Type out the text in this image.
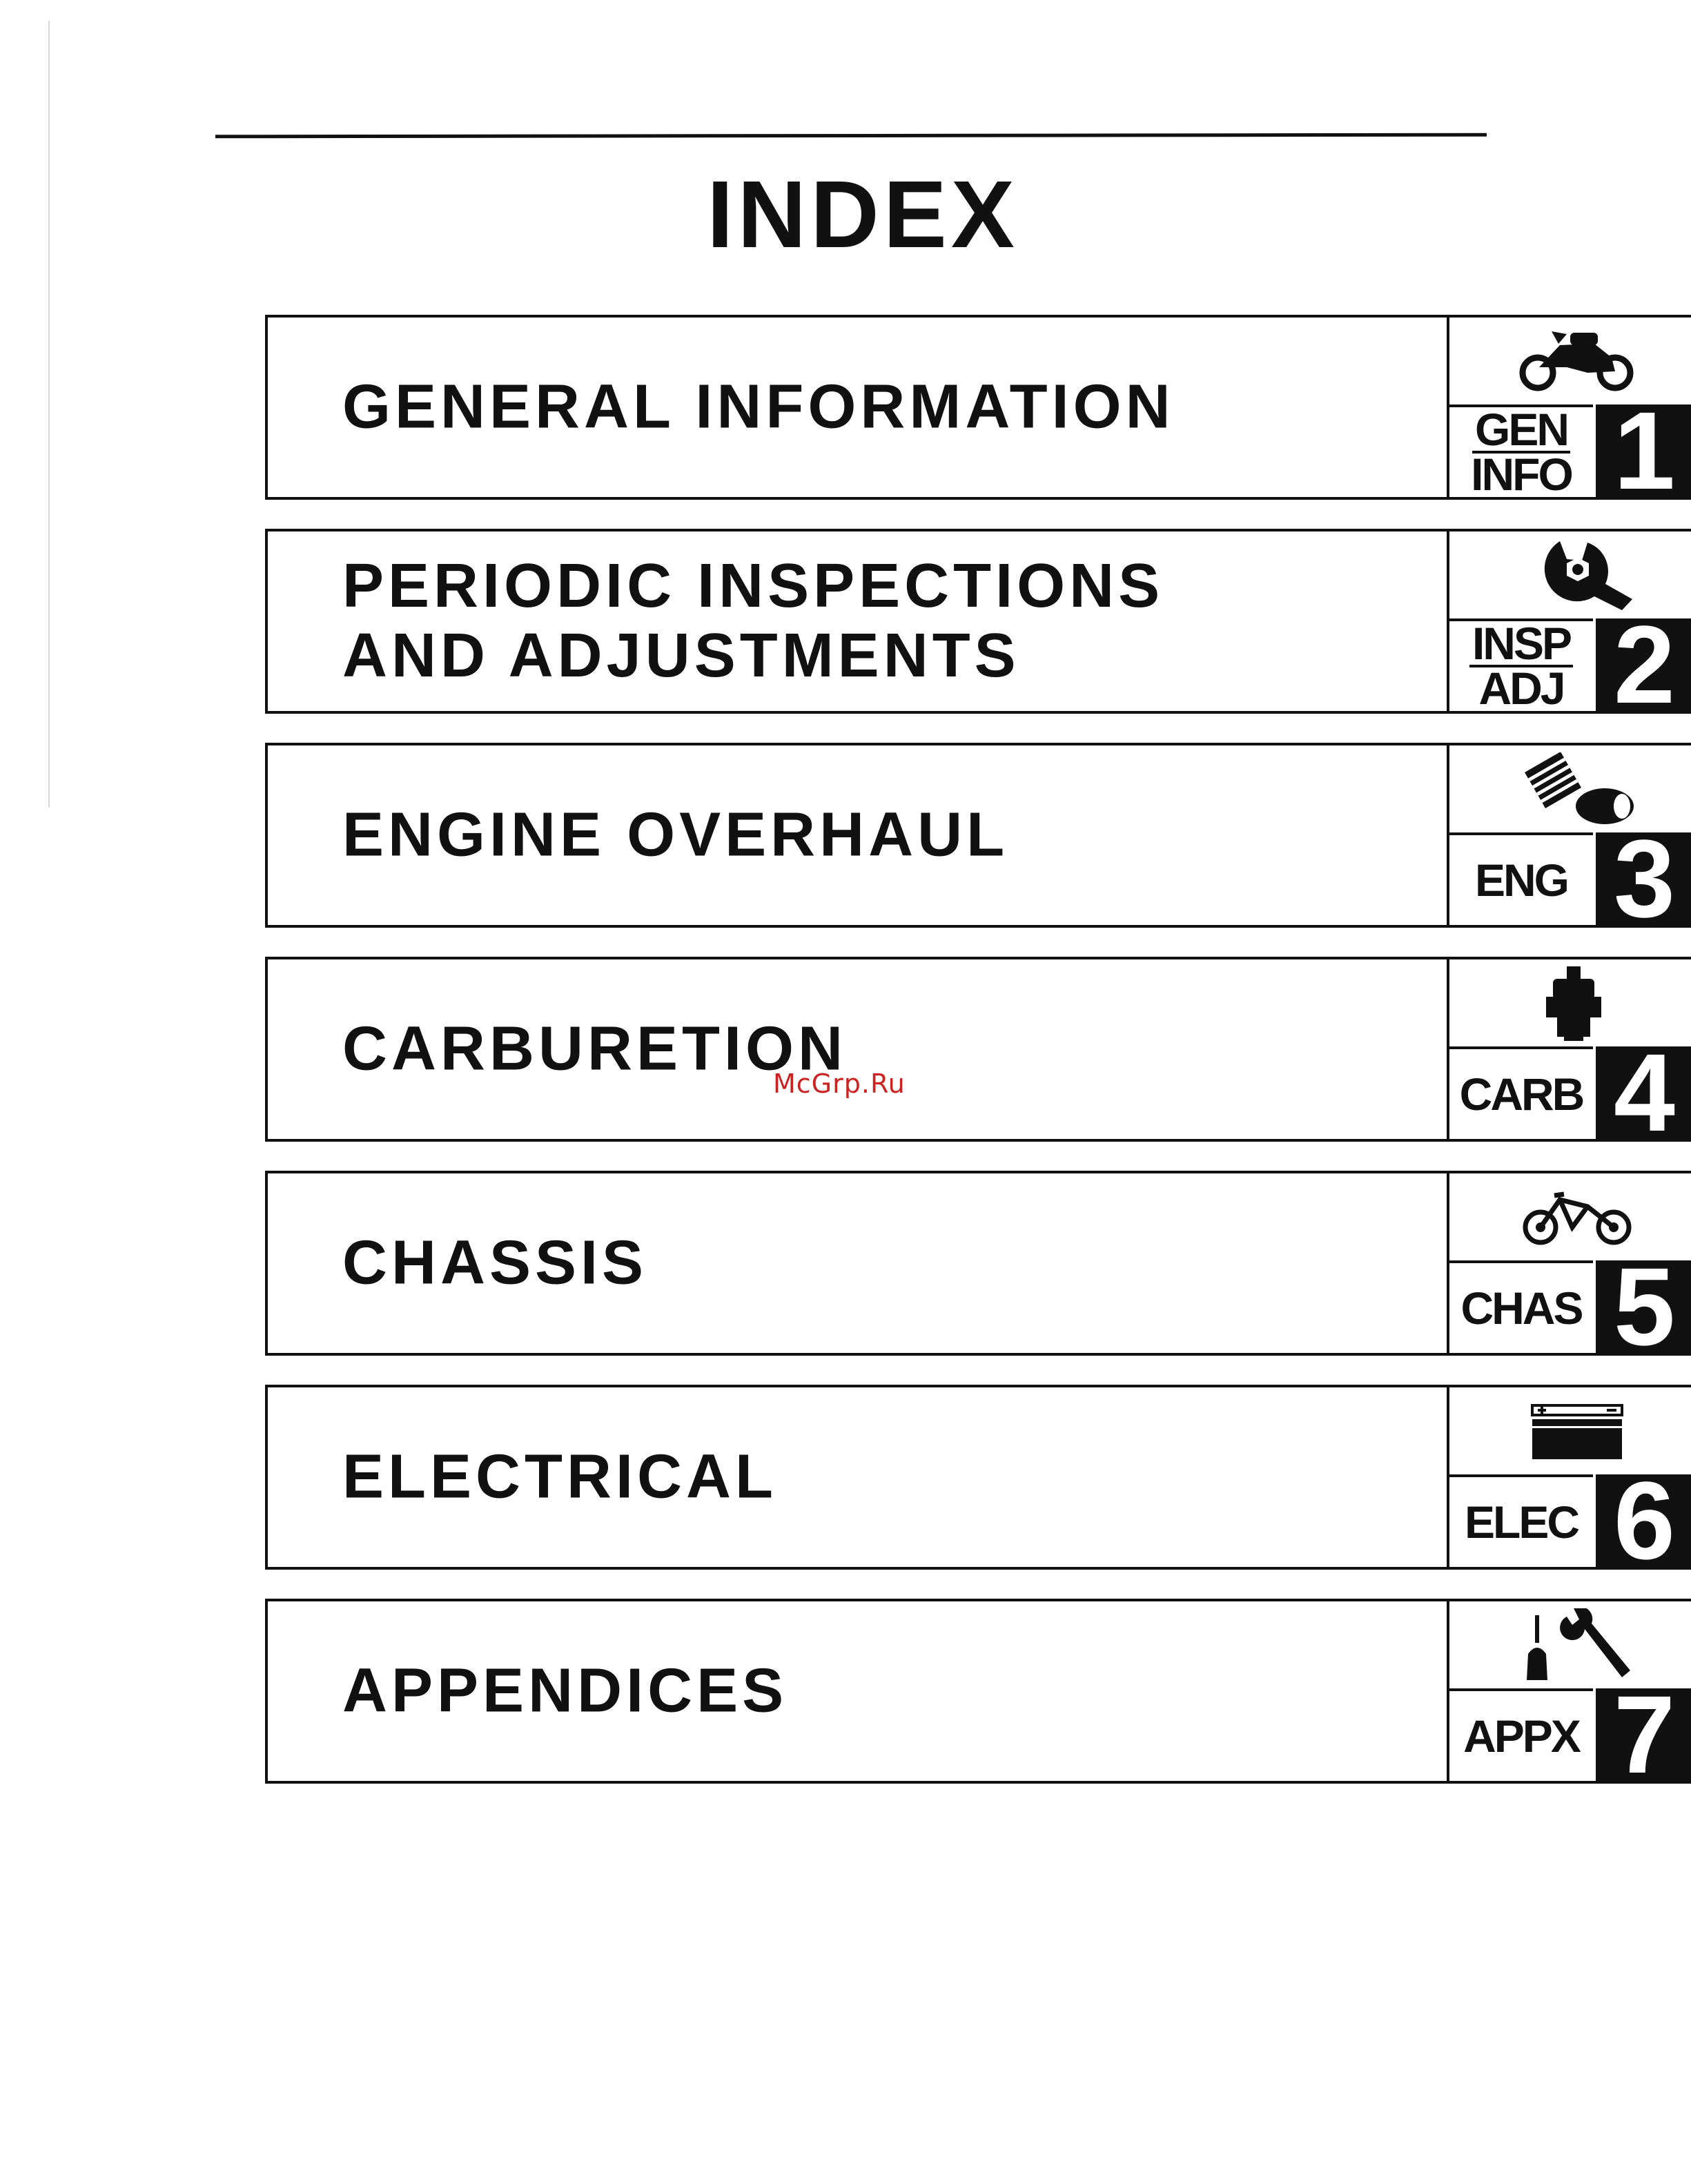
INDEX
GENERAL INFORMATION	GEN
INFO 1
PERIODIC INSPECTIONS
AND ADJUSTMENTS	INSP
ADJ 2
ENGINE OVERHAUL
ENG 3
CARBURETION
CARB 4
CHASSIS
CHAS 5
ELECTRICAL
ELEC 6
APPENDICES
APPX 7
McGrp.Ru
